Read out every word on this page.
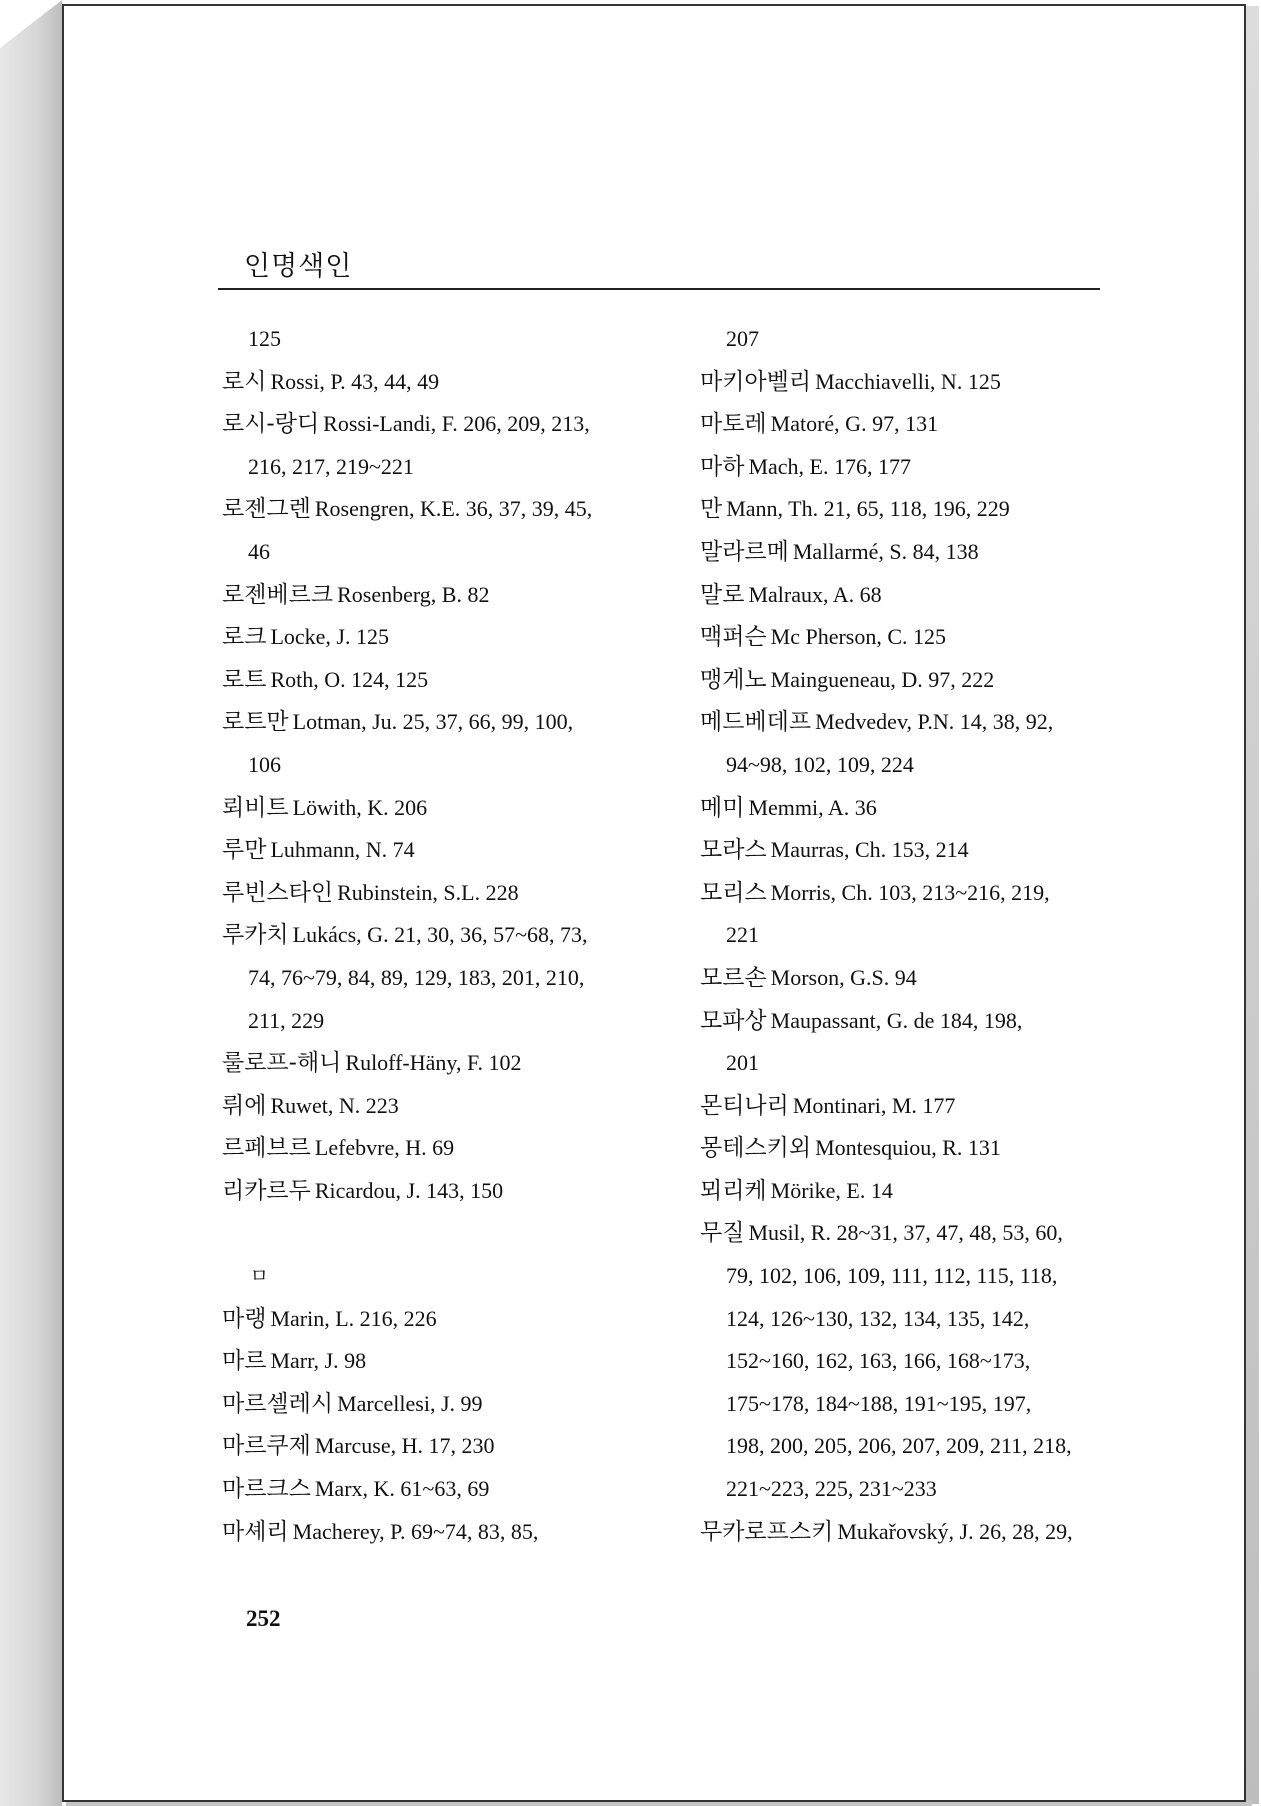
인명색인
125
로시 Rossi, P. 43, 44, 49
로시-랑디 Rossi-Landi, F. 206, 209, 213,
216, 217, 219~221
로젠그렌 Rosengren, K.E. 36, 37, 39, 45,
46
로젠베르크 Rosenberg, B. 82
로크 Locke, J. 125
로트 Roth, O. 124, 125
로트만 Lotman, Ju. 25, 37, 66, 99, 100,
106
뢰비트 Löwith, K. 206
루만 Luhmann, N. 74
루빈스타인 Rubinstein, S.L. 228
루카치 Lukács, G. 21, 30, 36, 57~68, 73,
74, 76~79, 84, 89, 129, 183, 201, 210,
211, 229
룰로프-해니 Ruloff-Häny, F. 102
뤼에 Ruwet, N. 223
르페브르 Lefebvre, H. 69
리카르두 Ricardou, J. 143, 150
ㅁ
마랭 Marin, L. 216, 226
마르 Marr, J. 98
마르셀레시 Marcellesi, J. 99
마르쿠제 Marcuse, H. 17, 230
마르크스 Marx, K. 61~63, 69
마셰리 Macherey, P. 69~74, 83, 85,
207
마키아벨리 Macchiavelli, N. 125
마토레 Matoré, G. 97, 131
마하 Mach, E. 176, 177
만 Mann, Th. 21, 65, 118, 196, 229
말라르메 Mallarmé, S. 84, 138
말로 Malraux, A. 68
맥퍼슨 Mc Pherson, C. 125
맹게노 Maingueneau, D. 97, 222
메드베데프 Medvedev, P.N. 14, 38, 92,
94~98, 102, 109, 224
메미 Memmi, A. 36
모라스 Maurras, Ch. 153, 214
모리스 Morris, Ch. 103, 213~216, 219,
221
모르손 Morson, G.S. 94
모파상 Maupassant, G. de 184, 198,
201
몬티나리 Montinari, M. 177
몽테스키외 Montesquiou, R. 131
뫼리케 Mörike, E. 14
무질 Musil, R. 28~31, 37, 47, 48, 53, 60,
79, 102, 106, 109, 111, 112, 115, 118,
124, 126~130, 132, 134, 135, 142,
152~160, 162, 163, 166, 168~173,
175~178, 184~188, 191~195, 197,
198, 200, 205, 206, 207, 209, 211, 218,
221~223, 225, 231~233
무카로프스키 Mukařovský, J. 26, 28, 29,
252
